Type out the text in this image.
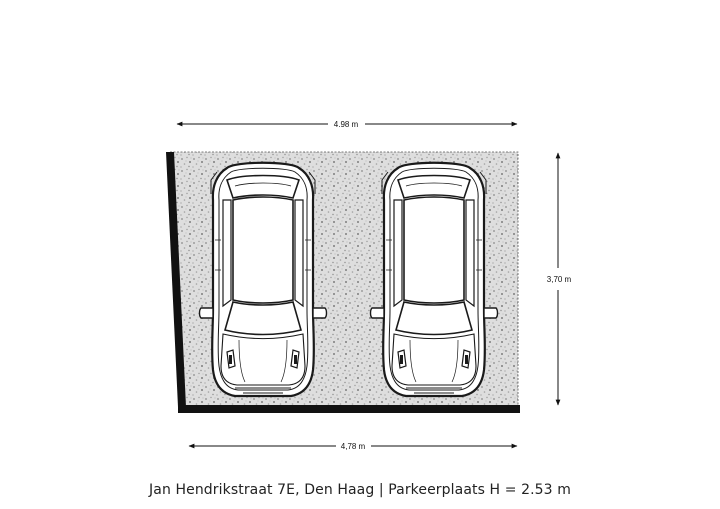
4.98 m
3,70 m
4,78 m
Jan Hendrikstraat 7E, Den Haag | Parkeerplaats H = 2.53 m
